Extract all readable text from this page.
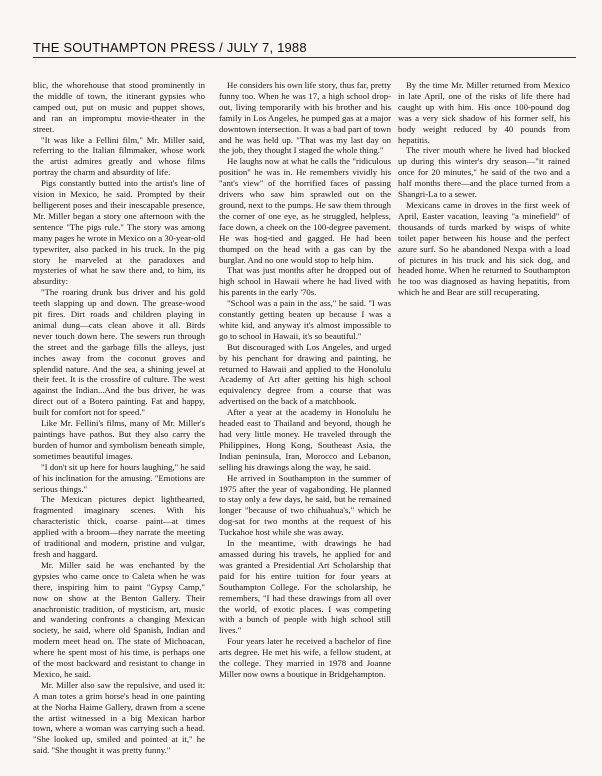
THE SOUTHAMPTON PRESS / JULY 7, 1988

blic, the whorehouse that stood prominently in the middle of town, the itinerant gypsies who camped out, put on music and puppet shows, and ran an impromptu movie-theater in the street.

"It was like a Fellini film," Mr. Miller said, referring to the Italian filmmaker, whose work the artist admires greatly and whose films portray the charm and absurdity of life.

Pigs constantly butted into the artist's line of vision in Mexico, he said. Prompted by their belligerent poses and their inescapable presence, Mr. Miller began a story one afternoon with the sentence "The pigs rule." The story was among many pages he wrote in Mexico on a 30-year-old typewriter, also packed in his truck. In the pig story he marveled at the paradoxes and mysteries of what he saw there and, to him, its absurdity:

"The roaring drunk bus driver and his gold teeth slapping up and down. The grease-wood pit fires. Dirt roads and children playing in animal dung—cats clean above it all. Birds never touch down here. The sewers run through the street and the garbage fills the alleys, just inches away from the coconut groves and splendid nature. And the sea, a shining jewel at their feet. It is the crossfire of culture. The west against the Indian...And the bus driver, he was direct out of a Botero painting. Fat and happy, built for comfort not for speed."

Like Mr. Fellini's films, many of Mr. Miller's paintings have pathos. But they also carry the burden of humor and symbolism beneath simple, sometimes beautiful images.

"I don't sit up here for hours laughing," he said of his inclination for the amusing. "Emotions are serious things."

The Mexican pictures depict lighthearted, fragmented imaginary scenes. With his characteristic thick, coarse paint—at times applied with a broom—they narrate the meeting of traditional and modern, pristine and vulgar, fresh and haggard.

Mr. Miller said he was enchanted by the gypsies who came once to Caleta when he was there, inspiring him to paint "Gypsy Camp," now on show at the Benton Gallery. Their anachronistic tradition, of mysticism, art, music and wandering confronts a changing Mexican society, he said, where old Spanish, Indian and modern meet head on. The state of Michoacan, where he spent most of his time, is perhaps one of the most backward and resistant to change in Mexico, he said.

Mr. Miller also saw the repulsive, and used it: A man totes a grim horse's head in one painting at the Norha Haime Gallery, drawn from a scene the artist witnessed in a big Mexican harbor town, where a woman was carrying such a head. "She looked up, smiled and pointed at it," he said. "She thought it was pretty funny."

He considers his own life story, thus far, pretty funny too. When he was 17, a high school drop-out, living temporarily with his brother and his family in Los Angeles, he pumped gas at a major downtown intersection. It was a bad part of town and he was held up. "That was my last day on the job, they thought I staged the whole thing."

He laughs now at what he calls the "ridiculous position" he was in. He remembers vividly his "ant's view" of the horrified faces of passing drivers who saw him sprawled out on the ground, next to the pumps. He saw them through the corner of one eye, as he struggled, helpless, face down, a cheek on the 100-degree pavement. He was hog-tied and gagged. He had been thumped on the head with a gas can by the burglar. And no one would stop to help him.

That was just months after he dropped out of high school in Hawaii where he had lived with his parents in the early '70s.

"School was a pain in the ass," he said. "I was constantly getting beaten up because I was a white kid, and anyway it's almost impossible to go to school in Hawaii, it's so beautiful."

But discouraged with Los Angeles, and urged by his penchant for drawing and painting, he returned to Hawaii and applied to the Honolulu Academy of Art after getting his high school equivalency degree from a course that was advertised on the back of a matchbook.

After a year at the academy in Honolulu he headed east to Thailand and beyond, though he had very little money. He traveled through the Philippines, Hong Kong, Southeast Asia, the Indian peninsula, Iran, Morocco and Lebanon, selling his drawings along the way, he said.

He arrived in Southampton in the summer of 1975 after the year of vagabonding. He planned to stay only a few days, he said, but he remained longer "because of two chihuahua's," which he dog-sat for two months at the request of his Tuckahoe host while she was away.

In the meantime, with drawings he had amassed during his travels, he applied for and was granted a Presidential Art Scholarship that paid for his entire tuition for four years at Southampton College. For the scholarship, he remembers, "I had these drawings from all over the world, of exotic places. I was competing with a bunch of people with high school still lives."

Four years later he received a bachelor of fine arts degree. He met his wife, a fellow student, at the college. They married in 1978 and Joanne Miller now owns a boutique in Bridgehampton.

By the time Mr. Miller returned from Mexico in late April, one of the risks of life there had caught up with him. His once 100-pound dog was a very sick shadow of his former self, his body weight reduced by 40 pounds from hepatitis.

The river mouth where he lived had blocked up during this winter's dry season—"it rained once for 20 minutes," he said of the two and a half months there—and the place turned from a Shangri-La to a sewer.

Mexicans came in droves in the first week of April, Easter vacation, leaving "a minefield" of thousands of turds marked by wisps of white toilet paper between his house and the perfect azure surf. So he abandoned Nexpa with a load of pictures in his truck and his sick dog, and headed home. When he returned to Southampton he too was diagnosed as having hepatitis, from which he and Bear are still recuperating.
